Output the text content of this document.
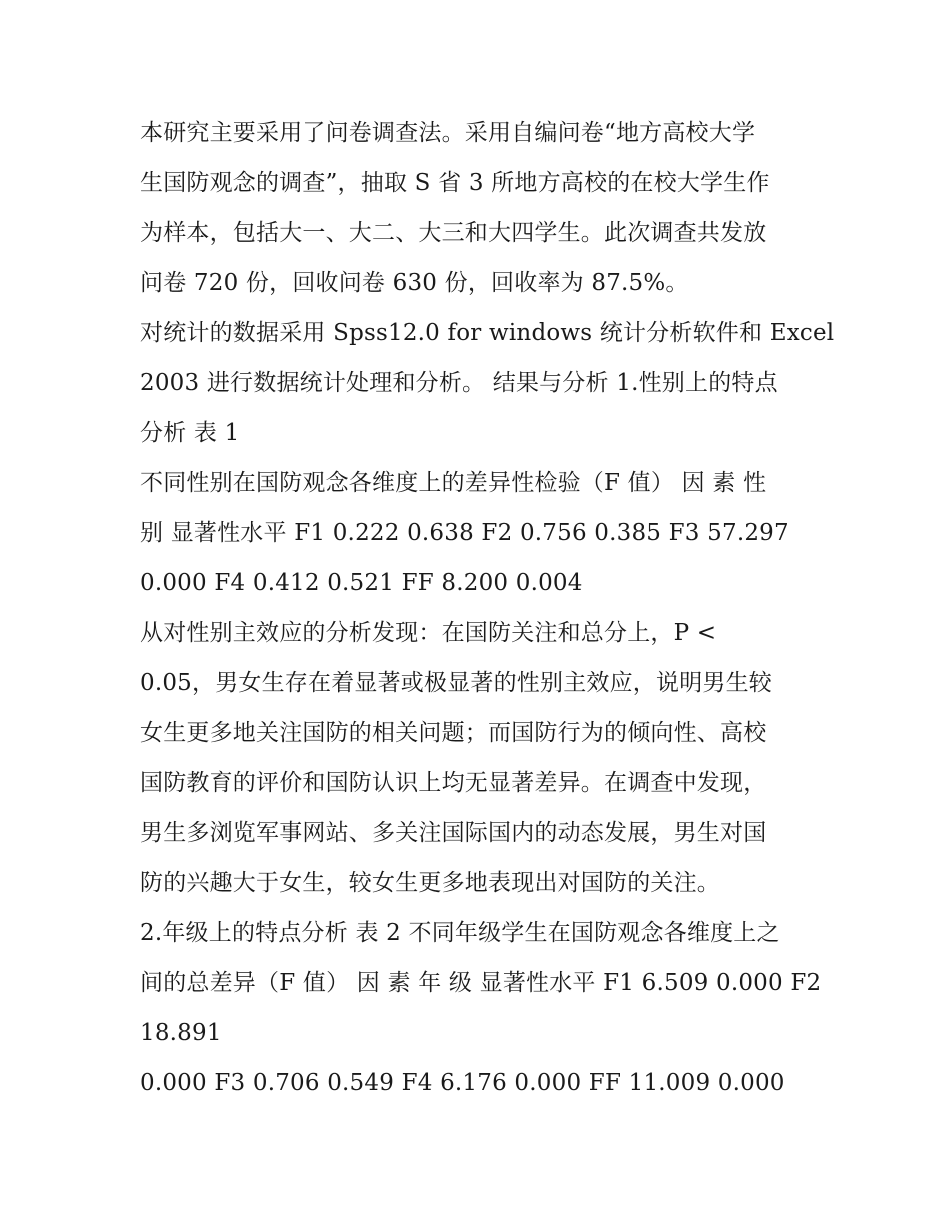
本研究主要采用了问卷调查法。采用自编问卷“地方高校大学
生国防观念的调查”，抽取 S 省 3 所地方高校的在校大学生作
为样本，包括大一、大二、大三和大四学生。此次调查共发放
问卷 720 份，回收问卷 630 份，回收率为 87.5%。
对统计的数据采用 Spss12.0 for windows 统计分析软件和 Excel
2003 进行数据统计处理和分析。 结果与分析 1.性别上的特点
分析 表 1
不同性别在国防观念各维度上的差异性检验（F 值） 因 素 性
别 显著性水平 F1 0.222 0.638 F2 0.756 0.385 F3 57.297
0.000 F4 0.412 0.521 FF 8.200 0.004
从对性别主效应的分析发现：在国防关注和总分上，P <
0.05，男女生存在着显著或极显著的性别主效应，说明男生较
女生更多地关注国防的相关问题；而国防行为的倾向性、高校
国防教育的评价和国防认识上均无显著差异。在调查中发现，
男生多浏览军事网站、多关注国际国内的动态发展，男生对国
防的兴趣大于女生，较女生更多地表现出对国防的关注。
2.年级上的特点分析 表 2 不同年级学生在国防观念各维度上之
间的总差异（F 值） 因 素 年 级 显著性水平 F1 6.509 0.000 F2
18.891
0.000 F3 0.706 0.549 F4 6.176 0.000 FF 11.009 0.000
